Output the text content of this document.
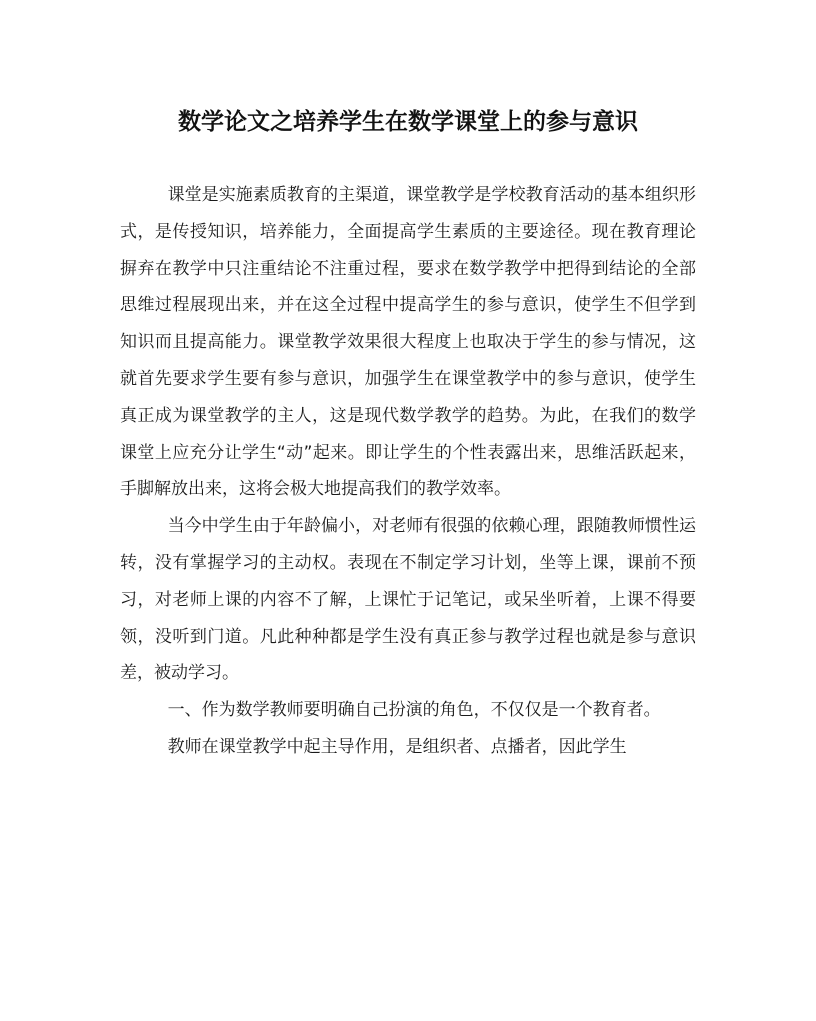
数学论文之培养学生在数学课堂上的参与意识

课堂是实施素质教育的主渠道，课堂教学是学校教育活动的基本组织形式，是传授知识，培养能力，全面提高学生素质的主要途径。现在教育理论摒弃在教学中只注重结论不注重过程，要求在数学教学中把得到结论的全部思维过程展现出来，并在这全过程中提高学生的参与意识，使学生不但学到知识而且提高能力。课堂教学效果很大程度上也取决于学生的参与情况，这就首先要求学生要有参与意识，加强学生在课堂教学中的参与意识，使学生真正成为课堂教学的主人，这是现代数学教学的趋势。为此，在我们的数学课堂上应充分让学生“动”起来。即让学生的个性表露出来，思维活跃起来，手脚解放出来，这将会极大地提高我们的教学效率。

当今中学生由于年龄偏小，对老师有很强的依赖心理，跟随教师惯性运转，没有掌握学习的主动权。表现在不制定学习计划，坐等上课，课前不预习，对老师上课的内容不了解，上课忙于记笔记，或呆坐听着，上课不得要领，没听到门道。凡此种种都是学生没有真正参与教学过程也就是参与意识差，被动学习。

一、作为数学教师要明确自己扮演的角色，不仅仅是一个教育者。

教师在课堂教学中起主导作用，是组织者、点播者，因此学生
